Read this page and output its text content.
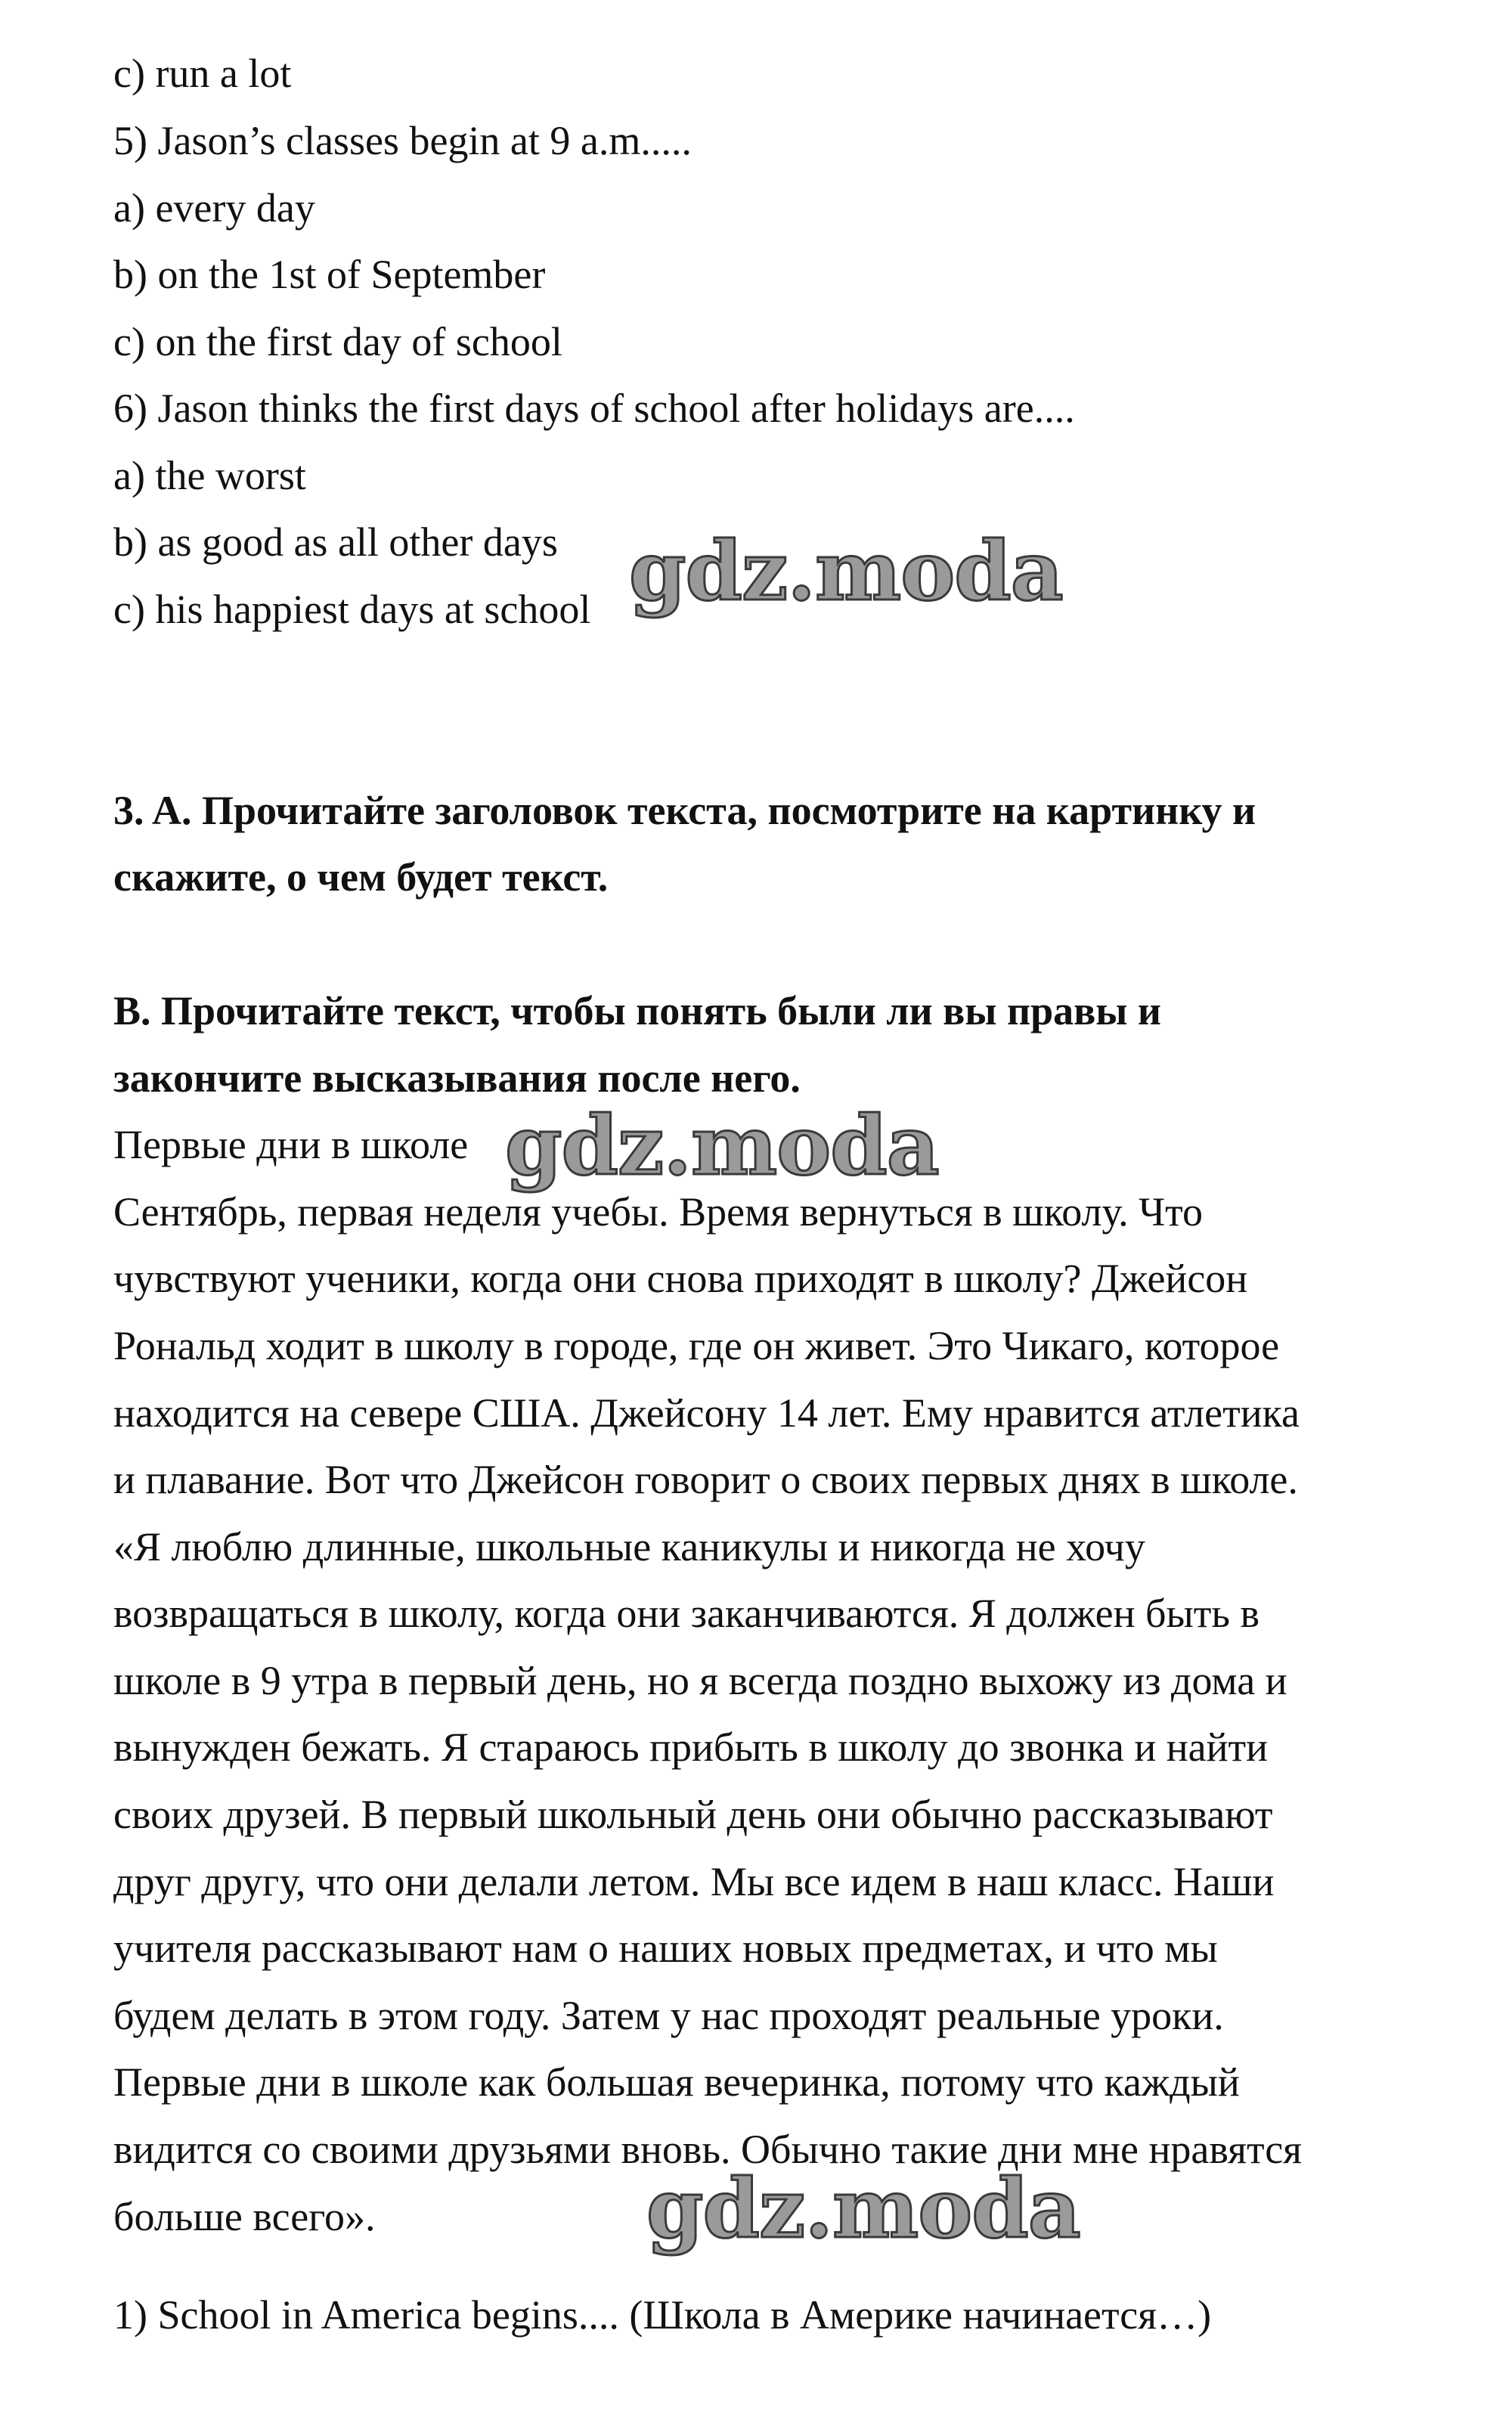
c) run a lot

5) Jason’s classes begin at 9 a.m.....

a) every day

b) on the 1st of September

c) on the first day of school

6) Jason thinks the first days of school after holidays are....

a) the worst

b) as good as all other days

c) his happiest days at school gdz.moda

3. A. Прочитайте заголовок текста, посмотрите на картинку и

скажите, о чем будет текст.

B. Прочитайте текст, чтобы понять были ли вы правы и

закончите высказывания после него.

Первые дни в школе gdz.moda

Сентябрь, первая неделя учебы. Время вернуться в школу. Что

чувствуют ученики, когда они снова приходят в школу? Джейсон

Рональд ходит в школу в городе, где он живет. Это Чикаго, которое

находится на севере США. Джейсону 14 лет. Ему нравится атлетика

и плавание. Вот что Джейсон говорит о своих первых днях в школе.

«Я люблю длинные, школьные каникулы и никогда не хочу

возвращаться в школу, когда они заканчиваются. Я должен быть в

школе в 9 утра в первый день, но я всегда поздно выхожу из дома и

вынужден бежать. Я стараюсь прибыть в школу до звонка и найти

своих друзей. В первый школьный день они обычно рассказывают

друг другу, что они делали летом. Мы все идем в наш класс. Наши

учителя рассказывают нам о наших новых предметах, и что мы

будем делать в этом году. Затем у нас проходят реальные уроки.

Первые дни в школе как большая вечеринка, потому что каждый

видится со своими друзьями вновь. Обычно такие дни мне нравятся

больше всего».	gdz.moda

1) School in America begins.... (Школа в Америке начинается…)
